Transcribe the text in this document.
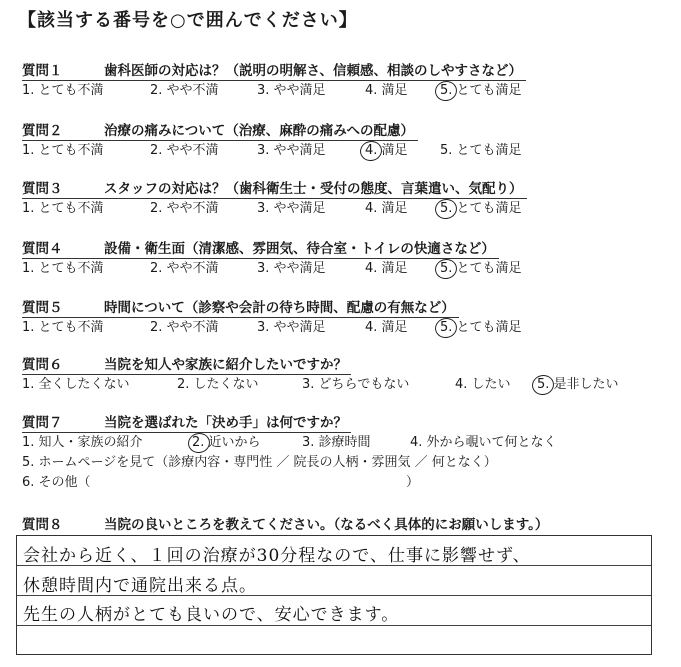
【該当する番号を○で囲んでください】
質問１	歯科医師の対応は？（説明の明解さ、信頼感、相談のしやすさなど）
1. とても不満	2. やや不満	3. やや満足	4. 満足 5. とても満足
質問２	治療の痛みについて（治療、麻酔の痛みへの配慮）
1. とても不満	2. やや不満	3. やや満足	4. 満足 5. とても満足
質問３	スタッフの対応は？（歯科衛生士・受付の態度、言葉遣い、気配り）
1. とても不満	2. やや不満	3. やや満足	4. 満足 5. とても満足
質問４	設備・衛生面（清潔感、雰囲気、待合室・トイレの快適さなど）
1. とても不満	2. やや不満	3. やや満足	4. 満足 5. とても満足
質問５	時間について（診察や会計の待ち時間、配慮の有無など）
1. とても不満	2. やや不満	3. やや満足	4. 満足 5. とても満足
質問６	当院を知人や家族に紹介したいですか？
1. 全くしたくない	2. したくない	3. どちらでもない	4. したい 5. 是非したい
質問７	当院を選ばれた「決め手」は何ですか？
1. 知人・家族の紹介	2. 近いから	3. 診療時間	4. 外から覗いて何となく
5. ホームページを見て（診療内容・専門性 ／ 院長の人柄・雰囲気 ／ 何となく）
6. その他（	）
質問８	当院の良いところを教えてください。（なるべく具体的にお願いします。）
会社から近く、１回の治療が30分程なので、仕事に影響せず、
休憩時間内で通院出来る点。
先生の人柄がとても良いので、安心できます。
